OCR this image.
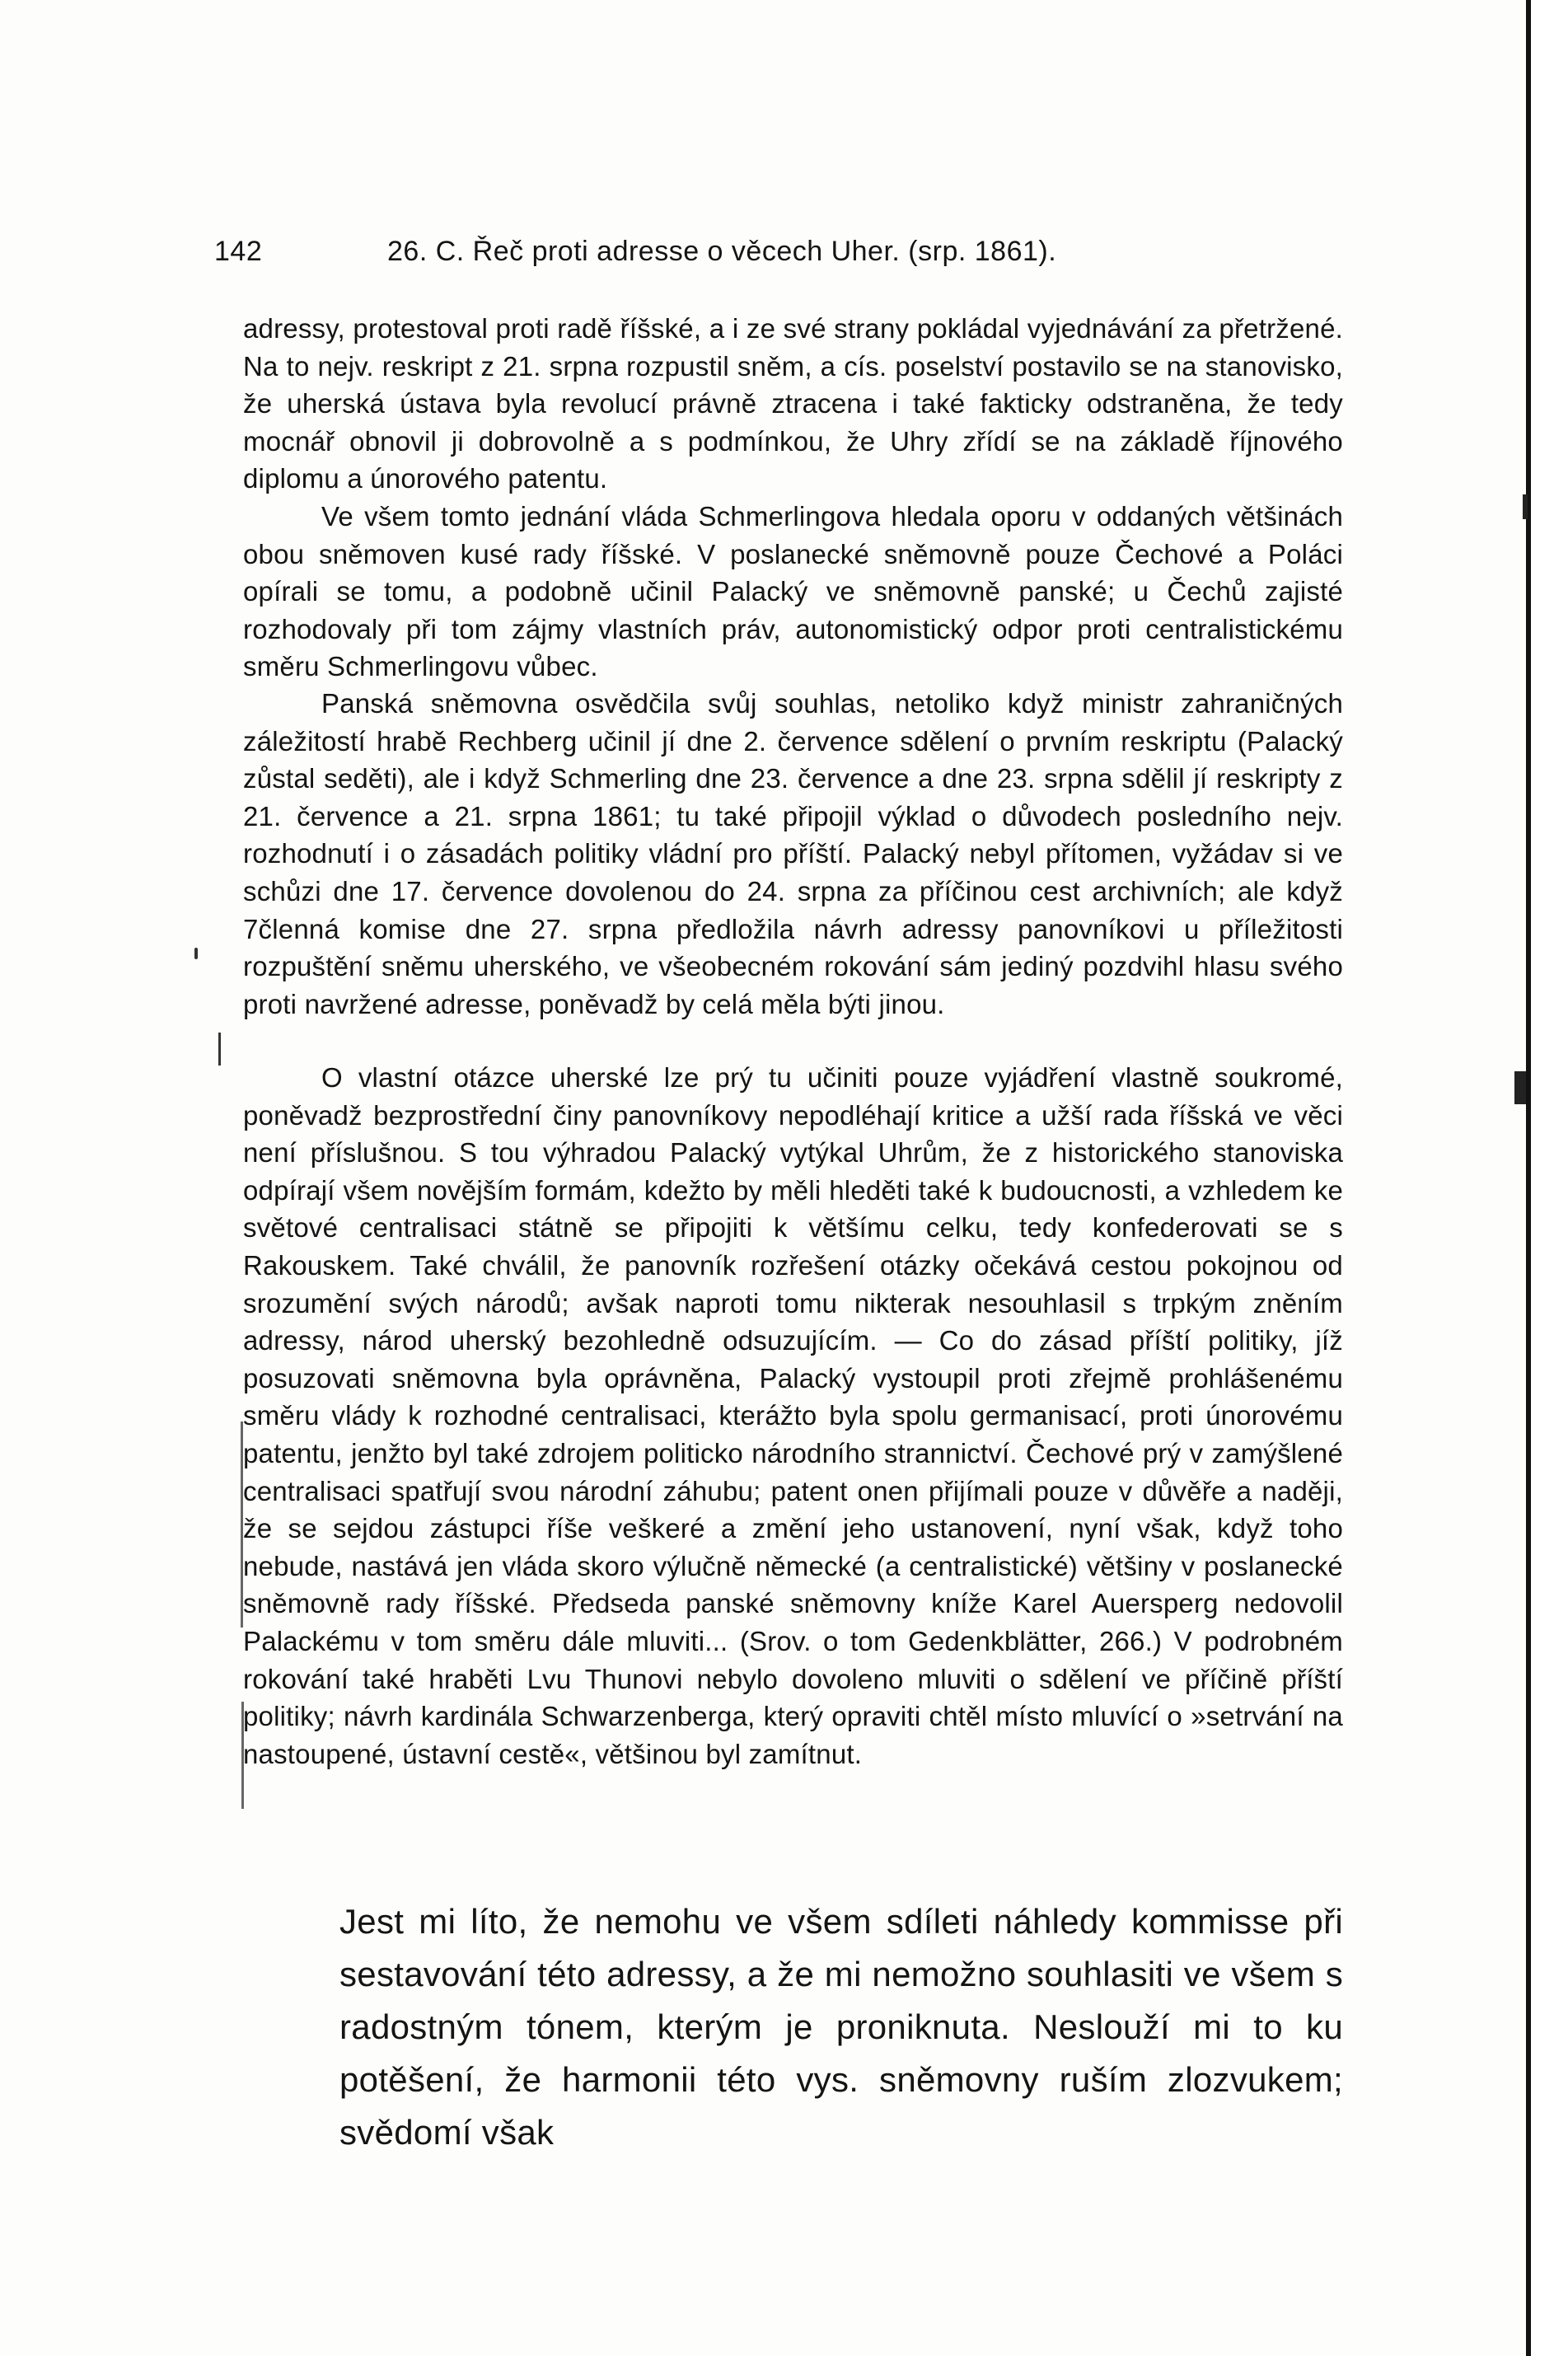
142	26. C. Řeč proti adresse o věcech Uher. (srp. 1861).

adressy, protestoval proti radě říšské, a i ze své strany pokládal vyjednávání za přetržené. Na to nejv. reskript z 21. srpna rozpustil sněm, a cís. poselství postavilo se na stanovisko, že uherská ústava byla revolucí právně ztracena i také fakticky odstraněna, že tedy mocnář obnovil ji dobrovolně a s podmínkou, že Uhry zřídí se na základě říjnového diplomu a únorového patentu.

Ve všem tomto jednání vláda Schmerlingova hledala oporu v oddaných většinách obou sněmoven kusé rady říšské. V poslanecké sněmovně pouze Čechové a Poláci opírali se tomu, a podobně učinil Palacký ve sněmovně panské; u Čechů zajisté rozhodovaly při tom zájmy vlastních práv, autonomistický odpor proti centralistickému směru Schmerlingovu vůbec.

Panská sněmovna osvědčila svůj souhlas, netoliko když ministr zahraničných záležitostí hrabě Rechberg učinil jí dne 2. července sdělení o prvním reskriptu (Palacký zůstal seděti), ale i když Schmerling dne 23. července a dne 23. srpna sdělil jí reskripty z 21. července a 21. srpna 1861; tu také připojil výklad o důvodech posledního nejv. rozhodnutí i o zásadách politiky vládní pro příští. Palacký nebyl přítomen, vyžádav si ve schůzi dne 17. července dovolenou do 24. srpna za příčinou cest archivních; ale když 7členná komise dne 27. srpna předložila návrh adressy panovníkovi u příležitosti rozpuštění sněmu uherského, ve všeobecném rokování sám jediný pozdvihl hlasu svého proti navržené adresse, poněvadž by celá měla býti jinou.

O vlastní otázce uherské lze prý tu učiniti pouze vyjádření vlastně soukromé, poněvadž bezprostřední činy panovníkovy nepodléhají kritice a užší rada říšská ve věci není příslušnou. S tou výhradou Palacký vytýkal Uhrům, že z historického stanoviska odpírají všem novějším formám, kdežto by měli hleděti také k budoucnosti, a vzhledem ke světové centralisaci státně se připojiti k většímu celku, tedy konfederovati se s Rakouskem. Také chválil, že panovník rozřešení otázky očekává cestou pokojnou od srozumění svých národů; avšak naproti tomu nikterak nesouhlasil s trpkým zněním adressy, národ uherský bezohledně odsuzujícím. — Co do zásad příští politiky, jíž posuzovati sněmovna byla oprávněna, Palacký vystoupil proti zřejmě prohlášenému směru vlády k rozhodné centralisaci, kterážto byla spolu germanisací, proti únorovému patentu, jenžto byl také zdrojem politicko národního strannictví. Čechové prý v zamýšlené centralisaci spatřují svou národní záhubu; patent onen přijímali pouze v důvěře a naději, že se sejdou zástupci říše veškeré a změní jeho ustanovení, nyní však, když toho nebude, nastává jen vláda skoro výlučně německé (a centralistické) většiny v poslanecké sněmovně rady říšské. Předseda panské sněmovny kníže Karel Auersperg nedovolil Palackému v tom směru dále mluviti... (Srov. o tom Gedenkblätter, 266.) V podrobném rokování také hraběti Lvu Thunovi nebylo dovoleno mluviti o sdělení ve příčině příští politiky; návrh kardinála Schwarzenberga, který opraviti chtěl místo mluvící o »setrvání na nastoupené, ústavní cestě«, většinou byl zamítnut.

Jest mi líto, že nemohu ve všem sdíleti náhledy kommisse při sestavování této adressy, a že mi nemožno souhlasiti ve všem s radostným tónem, kterým je proniknuta. Neslouží mi to ku potěšení, že harmonii této vys. sněmovny ruším zlozvukem; svědomí však
